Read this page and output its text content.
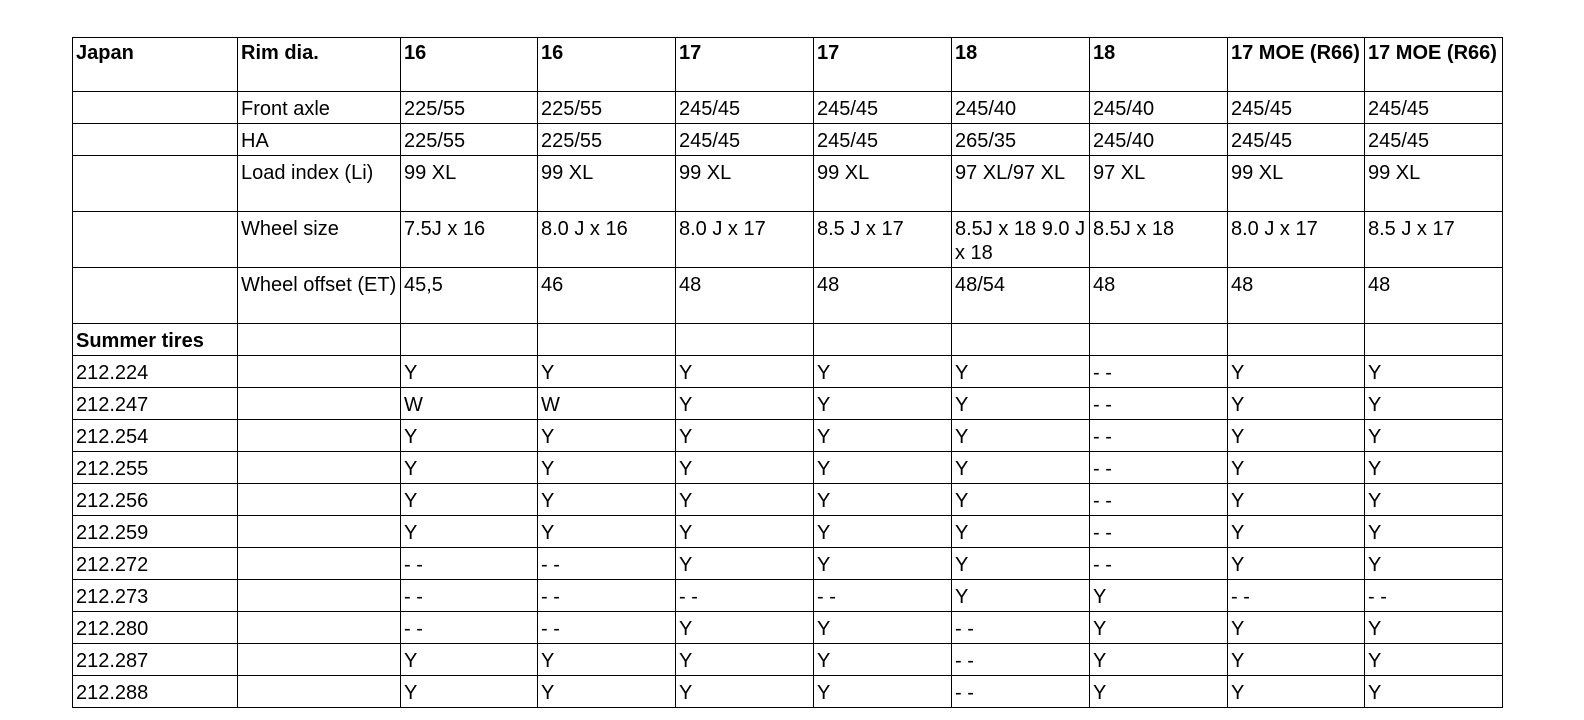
Japan	Rim dia.	16	16	17	17	18	18	17 MOE (R66)	17 MOE (R66)
	Front axle	225/55	225/55	245/45	245/45	245/40	245/40	245/45	245/45
	HA	225/55	225/55	245/45	245/45	265/35	245/40	245/45	245/45
	Load index (Li)	99 XL	99 XL	99 XL	99 XL	97 XL/97 XL	97 XL	99 XL	99 XL
	Wheel size	7.5J x 16	8.0 J x 16	8.0 J x 17	8.5 J x 17	8.5J x 18 9.0 J x 18	8.5J x 18	8.0 J x 17	8.5 J x 17
	Wheel offset (ET)	45,5	46	48	48	48/54	48	48	48
Summer tires									
212.224		Y	Y	Y	Y	Y	- -	Y	Y
212.247		W	W	Y	Y	Y	- -	Y	Y
212.254		Y	Y	Y	Y	Y	- -	Y	Y
212.255		Y	Y	Y	Y	Y	- -	Y	Y
212.256		Y	Y	Y	Y	Y	- -	Y	Y
212.259		Y	Y	Y	Y	Y	- -	Y	Y
212.272		- -	- -	Y	Y	Y	- -	Y	Y
212.273		- -	- -	- -	- -	Y	Y	- -	- -
212.280		- -	- -	Y	Y	- -	Y	Y	Y
212.287		Y	Y	Y	Y	- -	Y	Y	Y
212.288		Y	Y	Y	Y	- -	Y	Y	Y
